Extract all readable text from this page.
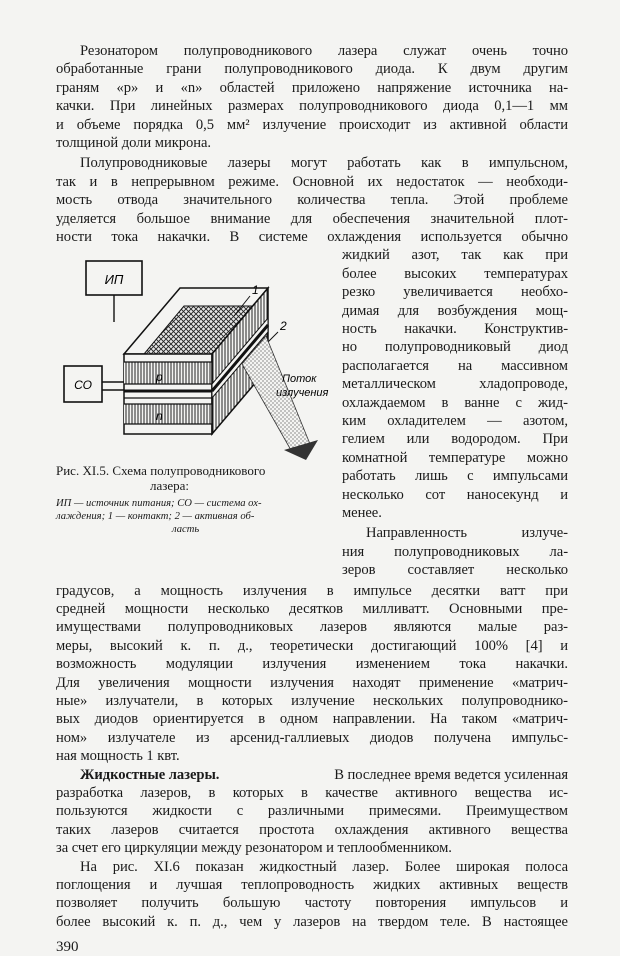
Резонатором полупроводникового лазера служат очень точно
обработанные грани полупроводникового диода. К двум другим
граням «p» и «n» областей приложено напряжение источника на-
качки. При линейных размерах полупроводникового диода 0,1—1 мм
и объеме порядка 0,5 мм² излучение происходит из активной области
толщиной доли микрона.
Полупроводниковые лазеры могут работать как в импульсном,
так и в непрерывном режиме. Основной их недостаток — необходи-
мость отвода значительного количества тепла. Этой проблеме
уделяется большое внимание для обеспечения значительной плот-
ности тока накачки. В системе охлаждения используется обычно
жидкий азот, так как при
более высоких температурах
резко увеличивается необхо-
димая для возбуждения мощ-
ность накачки. Конструктив-
но полупроводниковый диод
располагается на массивном
металлическом хладопроводе,
охлаждаемом в ванне с жид-
ким охладителем — азотом,
гелием или водородом. При
комнатной температуре можно
работать лишь с импульсами
несколько сот наносекунд и
менее.
Направленность излуче-
ния полупроводниковых ла-
зеров составляет несколько
градусов, а мощность излучения в импульсе десятки ватт при
средней мощности несколько десятков милливатт. Основными пре-
имуществами полупроводниковых лазеров являются малые раз-
меры, высокий к. п. д., теоретически достигающий 100% [4] и
возможность модуляции излучения изменением тока накачки.
Для увеличения мощности излучения находят применение «матрич-
ные» излучатели, в которых излучение нескольких полупроводнико-
вых диодов ориентируется в одном направлении. На таком «матрич-
ном» излучателе из арсенид-галлиевых диодов получена импульс-
ная мощность 1 квт.
Жидкостные лазеры.	В последнее время ведется усиленная
разработка лазеров, в которых в качестве активного вещества ис-
пользуются жидкости с различными примесями. Преимуществом
таких лазеров считается простота охлаждения активного вещества
за счет его циркуляции между резонатором и теплообменником.
На рис. XI.6 показан жидкостный лазер. Более широкая полоса
ИП
СО
p
n
1
2
Поток
излучения
Рис. XI.5. Схема полупроводникового
лазера:
ИП — источник питания; СО — система ох-
лаждения; 1 — контакт; 2 — активная об-
ласть
390
поглощения и лучшая теплопроводность жидких активных веществ
позволяет получить большую частоту повторения импульсов и
более высокий к. п. д., чем у лазеров на твердом теле. В настоящее
